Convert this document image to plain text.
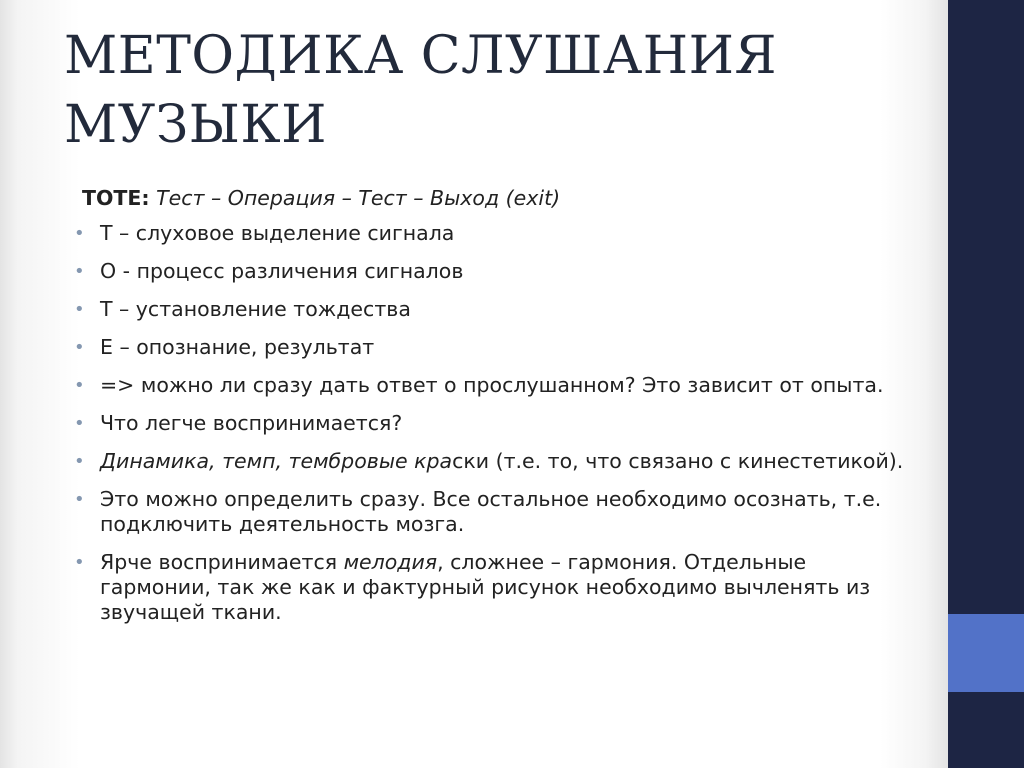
МЕТОДИКА СЛУШАНИЯ
МУЗЫКИ
TOTE: Тест – Операция – Тест – Выход (exit)
• Т – слуховое выделение сигнала
• О - процесс различения сигналов
• Т – установление тождества
• Е – опознание, результат
• => можно ли сразу дать ответ о прослушанном? Это зависит от опыта.
• Что легче воспринимается?
• Динамика, темп, тембровые краски (т.е. то, что связано с кинестетикой).
• Это можно определить сразу. Все остальное необходимо осознать, т.е. подключить деятельность мозга.
• Ярче воспринимается мелодия, сложнее – гармония. Отдельные гармонии, так же как и фактурный рисунок необходимо вычленять из звучащей ткани.
